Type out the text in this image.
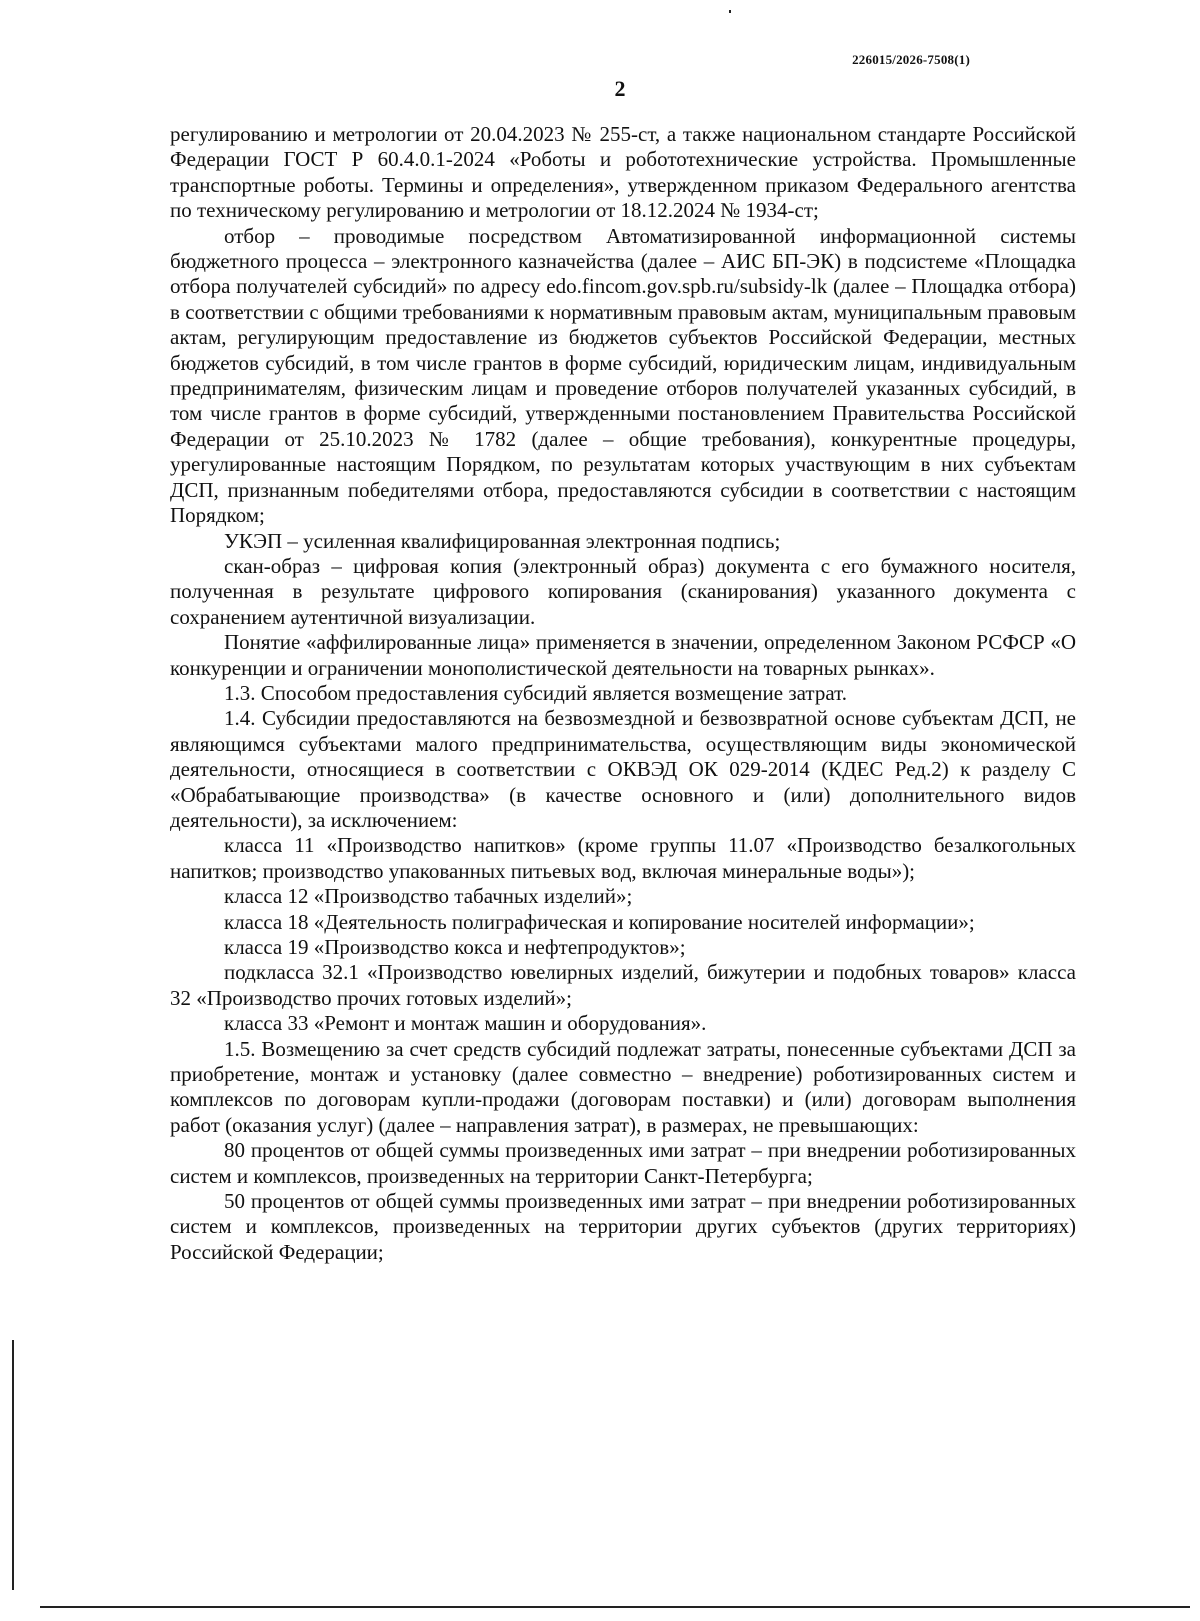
226015/2026-7508(1)
2

регулированию и метрологии от 20.04.2023 № 255-ст, а также национальном стандарте Российской Федерации ГОСТ Р 60.4.0.1-2024 «Роботы и робототехнические устройства. Промышленные транспортные роботы. Термины и определения», утвержденном приказом Федерального агентства по техническому регулированию и метрологии от 18.12.2024 № 1934-ст;

отбор – проводимые посредством Автоматизированной информационной системы бюджетного процесса – электронного казначейства (далее – АИС БП-ЭК) в подсистеме «Площадка отбора получателей субсидий» по адресу edo.fincom.gov.spb.ru/subsidy-lk (далее – Площадка отбора) в соответствии с общими требованиями к нормативным правовым актам, муниципальным правовым актам, регулирующим предоставление из бюджетов субъектов Российской Федерации, местных бюджетов субсидий, в том числе грантов в форме субсидий, юридическим лицам, индивидуальным предпринимателям, физическим лицам и проведение отборов получателей указанных субсидий, в том числе грантов в форме субсидий, утвержденными постановлением Правительства Российской Федерации от 25.10.2023 № 1782 (далее – общие требования), конкурентные процедуры, урегулированные настоящим Порядком, по результатам которых участвующим в них субъектам ДСП, признанным победителями отбора, предоставляются субсидии в соответствии с настоящим Порядком;

УКЭП – усиленная квалифицированная электронная подпись;

скан-образ – цифровая копия (электронный образ) документа с его бумажного носителя, полученная в результате цифрового копирования (сканирования) указанного документа с сохранением аутентичной визуализации.

Понятие «аффилированные лица» применяется в значении, определенном Законом РСФСР «О конкуренции и ограничении монополистической деятельности на товарных рынках».

1.3. Способом предоставления субсидий является возмещение затрат.

1.4. Субсидии предоставляются на безвозмездной и безвозвратной основе субъектам ДСП, не являющимся субъектами малого предпринимательства, осуществляющим виды экономической деятельности, относящиеся в соответствии с ОКВЭД ОК 029-2014 (КДЕС Ред.2) к разделу С «Обрабатывающие производства» (в качестве основного и (или) дополнительного видов деятельности), за исключением:

класса 11 «Производство напитков» (кроме группы 11.07 «Производство безалкогольных напитков; производство упакованных питьевых вод, включая минеральные воды»);

класса 12 «Производство табачных изделий»;

класса 18 «Деятельность полиграфическая и копирование носителей информации»;

класса 19 «Производство кокса и нефтепродуктов»;

подкласса 32.1 «Производство ювелирных изделий, бижутерии и подобных товаров» класса 32 «Производство прочих готовых изделий»;

класса 33 «Ремонт и монтаж машин и оборудования».

1.5. Возмещению за счет средств субсидий подлежат затраты, понесенные субъектами ДСП за приобретение, монтаж и установку (далее совместно – внедрение) роботизированных систем и комплексов по договорам купли-продажи (договорам поставки) и (или) договорам выполнения работ (оказания услуг) (далее – направления затрат), в размерах, не превышающих:

80 процентов от общей суммы произведенных ими затрат – при внедрении роботизированных систем и комплексов, произведенных на территории Санкт-Петербурга;

50 процентов от общей суммы произведенных ими затрат – при внедрении роботизированных систем и комплексов, произведенных на территории других субъектов (других территориях) Российской Федерации;
